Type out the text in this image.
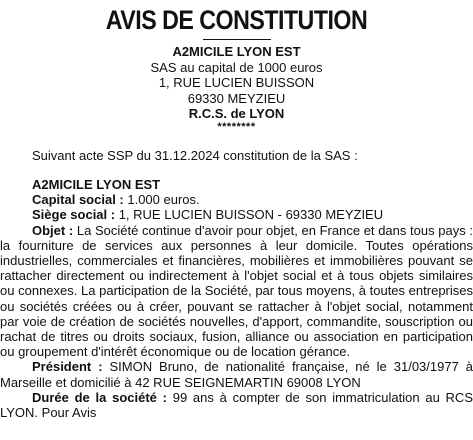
AVIS DE CONSTITUTION
A2MICILE LYON EST
SAS au capital de 1000 euros
1, RUE LUCIEN BUISSON
69330 MEYZIEU
R.C.S. de LYON
********
Suivant acte SSP du 31.12.2024 constitution de la SAS :
A2MICILE LYON EST
Capital social : 1.000 euros.
Siège social : 1, RUE LUCIEN BUISSON - 69330 MEYZIEU

Objet : La Société continue d'avoir pour objet, en France et dans tous pays : la fourniture de services aux personnes à leur domicile. Toutes opérations industrielles, commerciales et financières, mobilières et immobilières pouvant se rattacher directement ou indirectement à l'objet social et à tous objets similaires ou connexes. La participation de la Société, par tous moyens, à toutes entreprises ou sociétés créées ou à créer, pouvant se rattacher à l'objet social, notamment par voie de création de sociétés nouvelles, d'apport, commandite, souscription ou rachat de titres ou droits sociaux, fusion, alliance ou association en participation ou groupement d'intérêt économique ou de location gérance.

Président : SIMON Bruno, de nationalité française, né le 31/03/1977 à Marseille et domicilié à 42 RUE SEIGNEMARTIN 69008 LYON

Durée de la société : 99 ans à compter de son immatriculation au RCS LYON. Pour Avis
